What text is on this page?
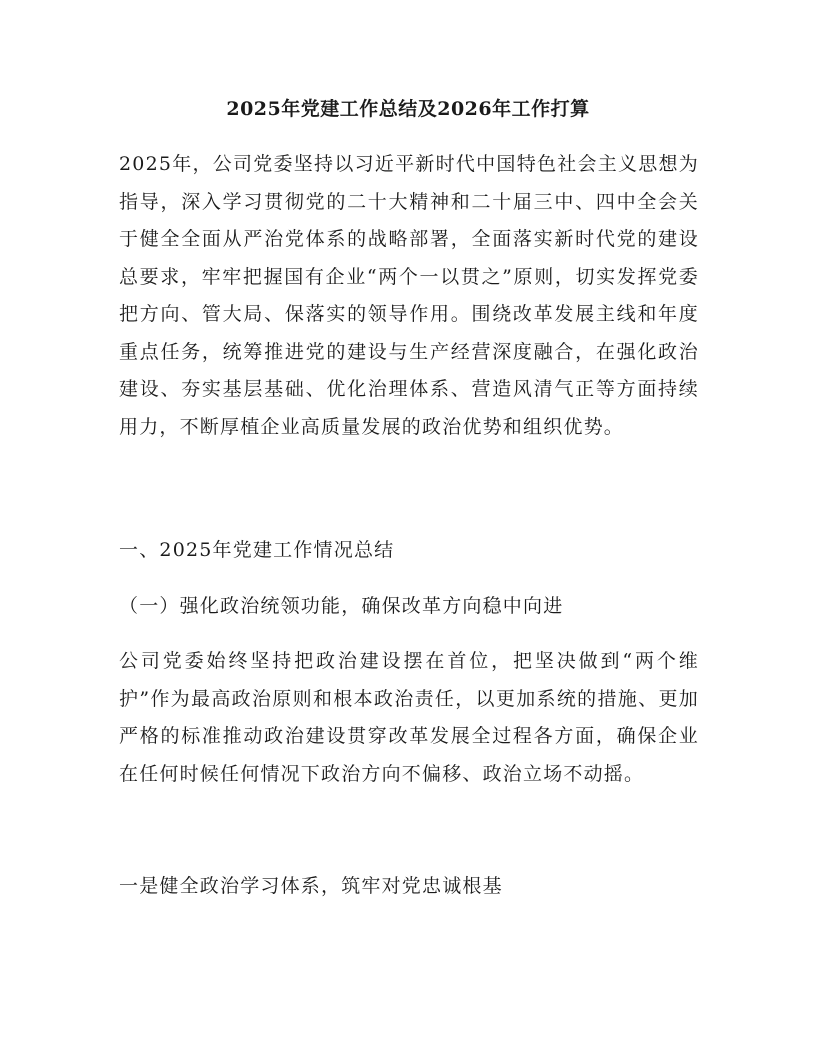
2025年党建工作总结及2026年工作打算
2025年，公司党委坚持以习近平新时代中国特色社会主义思想为指导，深入学习贯彻党的二十大精神和二十届三中、四中全会关于健全全面从严治党体系的战略部署，全面落实新时代党的建设总要求，牢牢把握国有企业“两个一以贯之”原则，切实发挥党委把方向、管大局、保落实的领导作用。围绕改革发展主线和年度重点任务，统筹推进党的建设与生产经营深度融合，在强化政治建设、夯实基层基础、优化治理体系、营造风清气正等方面持续用力，不断厚植企业高质量发展的政治优势和组织优势。
一、2025年党建工作情况总结
（一）强化政治统领功能，确保改革方向稳中向进
公司党委始终坚持把政治建设摆在首位，把坚决做到“两个维护”作为最高政治原则和根本政治责任，以更加系统的措施、更加严格的标准推动政治建设贯穿改革发展全过程各方面，确保企业在任何时候任何情况下政治方向不偏移、政治立场不动摇。
一是健全政治学习体系，筑牢对党忠诚根基
